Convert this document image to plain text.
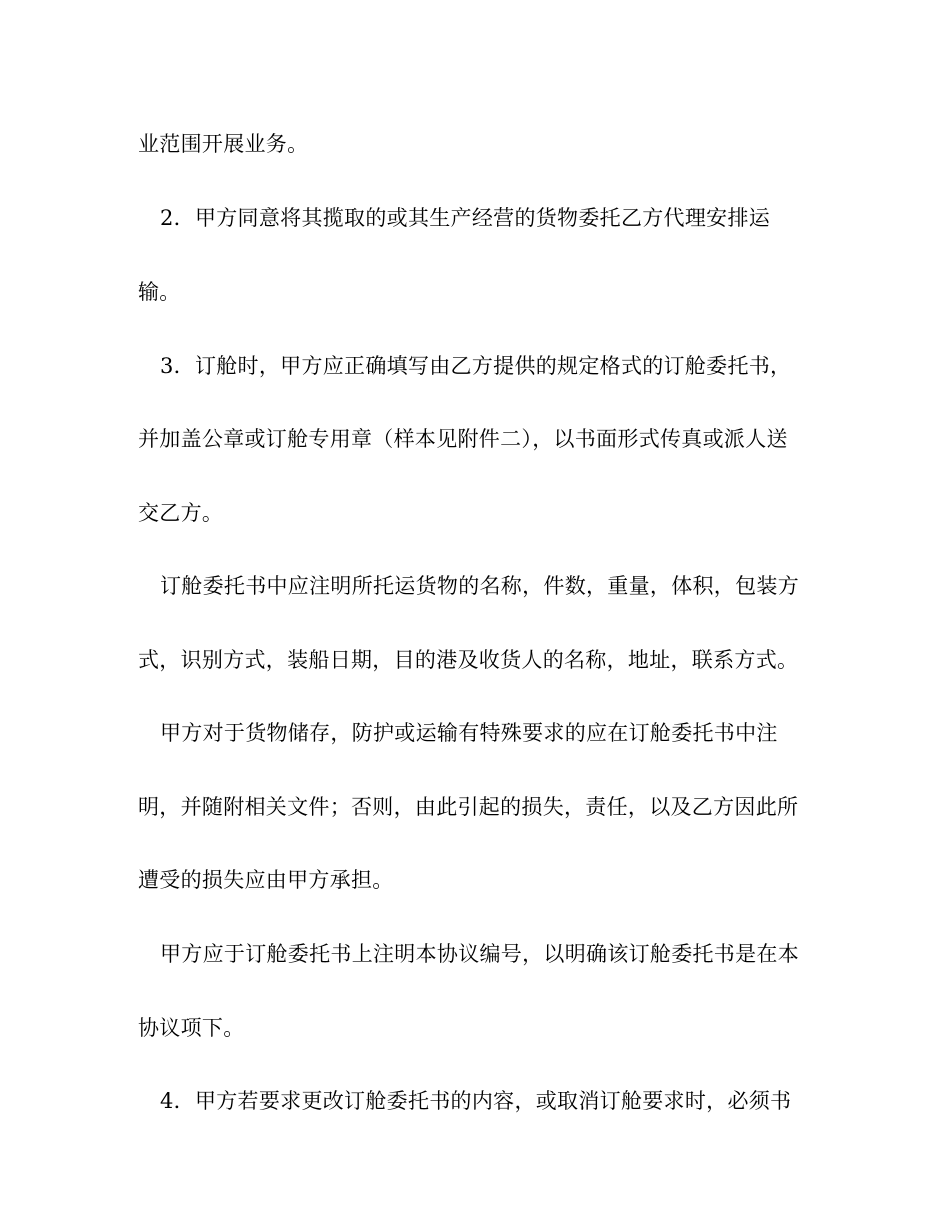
业范围开展业务。
2．甲方同意将其揽取的或其生产经营的货物委托乙方代理安排运
输。
3．订舱时，甲方应正确填写由乙方提供的规定格式的订舱委托书，
并加盖公章或订舱专用章（样本见附件二），以书面形式传真或派人送
交乙方。
订舱委托书中应注明所托运货物的名称，件数，重量，体积，包装方
式，识别方式，装船日期，目的港及收货人的名称，地址，联系方式。
甲方对于货物储存，防护或运输有特殊要求的应在订舱委托书中注
明，并随附相关文件；否则，由此引起的损失，责任，以及乙方因此所
遭受的损失应由甲方承担。
甲方应于订舱委托书上注明本协议编号，以明确该订舱委托书是在本
协议项下。
4．甲方若要求更改订舱委托书的内容，或取消订舱要求时，必须书
